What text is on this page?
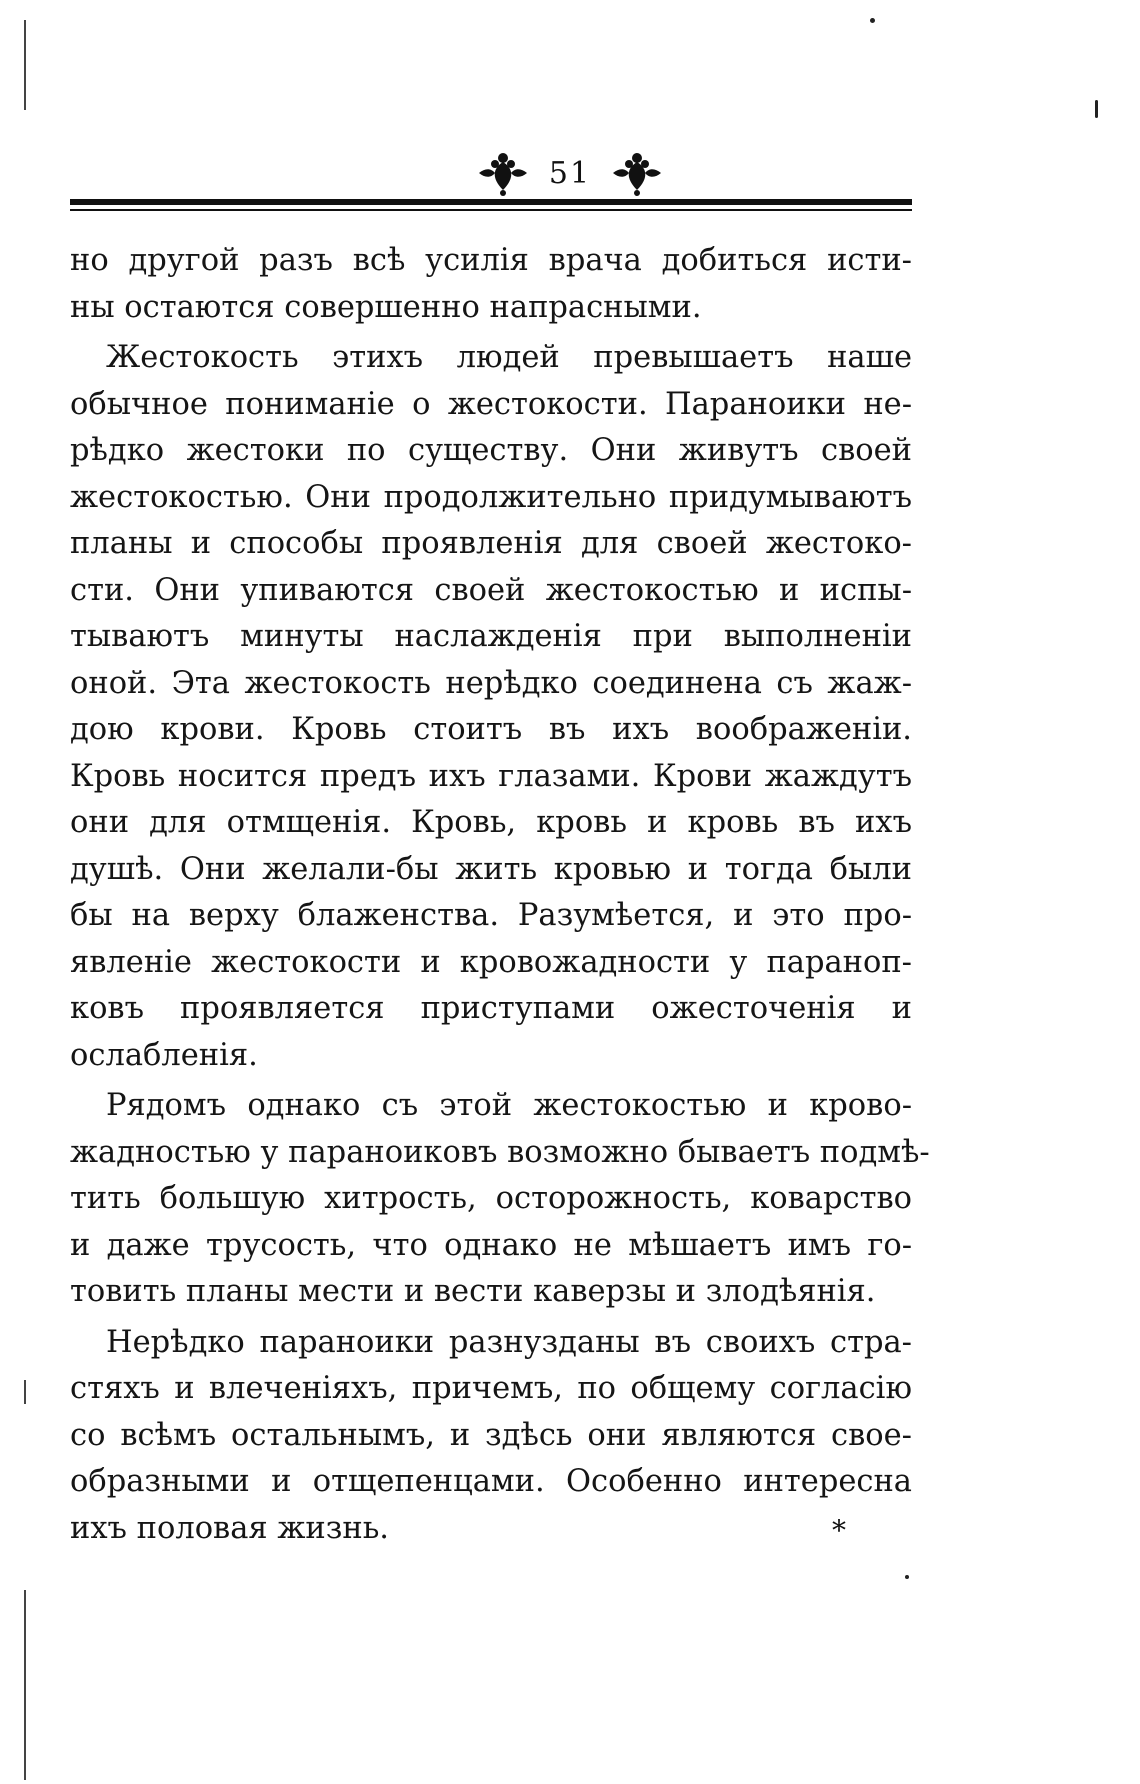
51

но другой разъ всѣ усилія врача добиться исти-
ны остаются совершенно напрасными.

Жестокость этихъ людей превышаетъ наше
обычное пониманіе о жестокости. Параноики не-
рѣдко жестоки по существу. Они живутъ своей
жестокостью. Они продолжительно придумываютъ
планы и способы проявленія для своей жестоко-
сти. Они упиваются своей жестокостью и испы-
тываютъ минуты наслажденія при выполненіи
оной. Эта жестокость нерѣдко соединена съ жаж-
дою крови. Кровь стоитъ въ ихъ воображеніи.
Кровь носится предъ ихъ глазами. Крови жаждутъ
они для отмщенія. Кровь, кровь и кровь въ ихъ
душѣ. Они желали-бы жить кровью и тогда были
бы на верху блаженства. Разумѣется, и это про-
явленіе жестокости и кровожадности у параноп-
ковъ проявляется приступами ожесточенія и
ослабленія.

Рядомъ однако съ этой жестокостью и крово-
жадностью у параноиковъ возможно бываетъ подмѣ-
тить большую хитрость, осторожность, коварство
и даже трусость, что однако не мѣшаетъ имъ го-
товить планы мести и вести каверзы и злодѣянія.

Нерѣдко параноики разнузданы въ своихъ стра-
стяхъ и влеченіяхъ, причемъ, по общему согласію
со всѣмъ остальнымъ, и здѣсь они являются свое-
образными и отщепенцами. Особенно интересна
ихъ половая жизнь.	*
